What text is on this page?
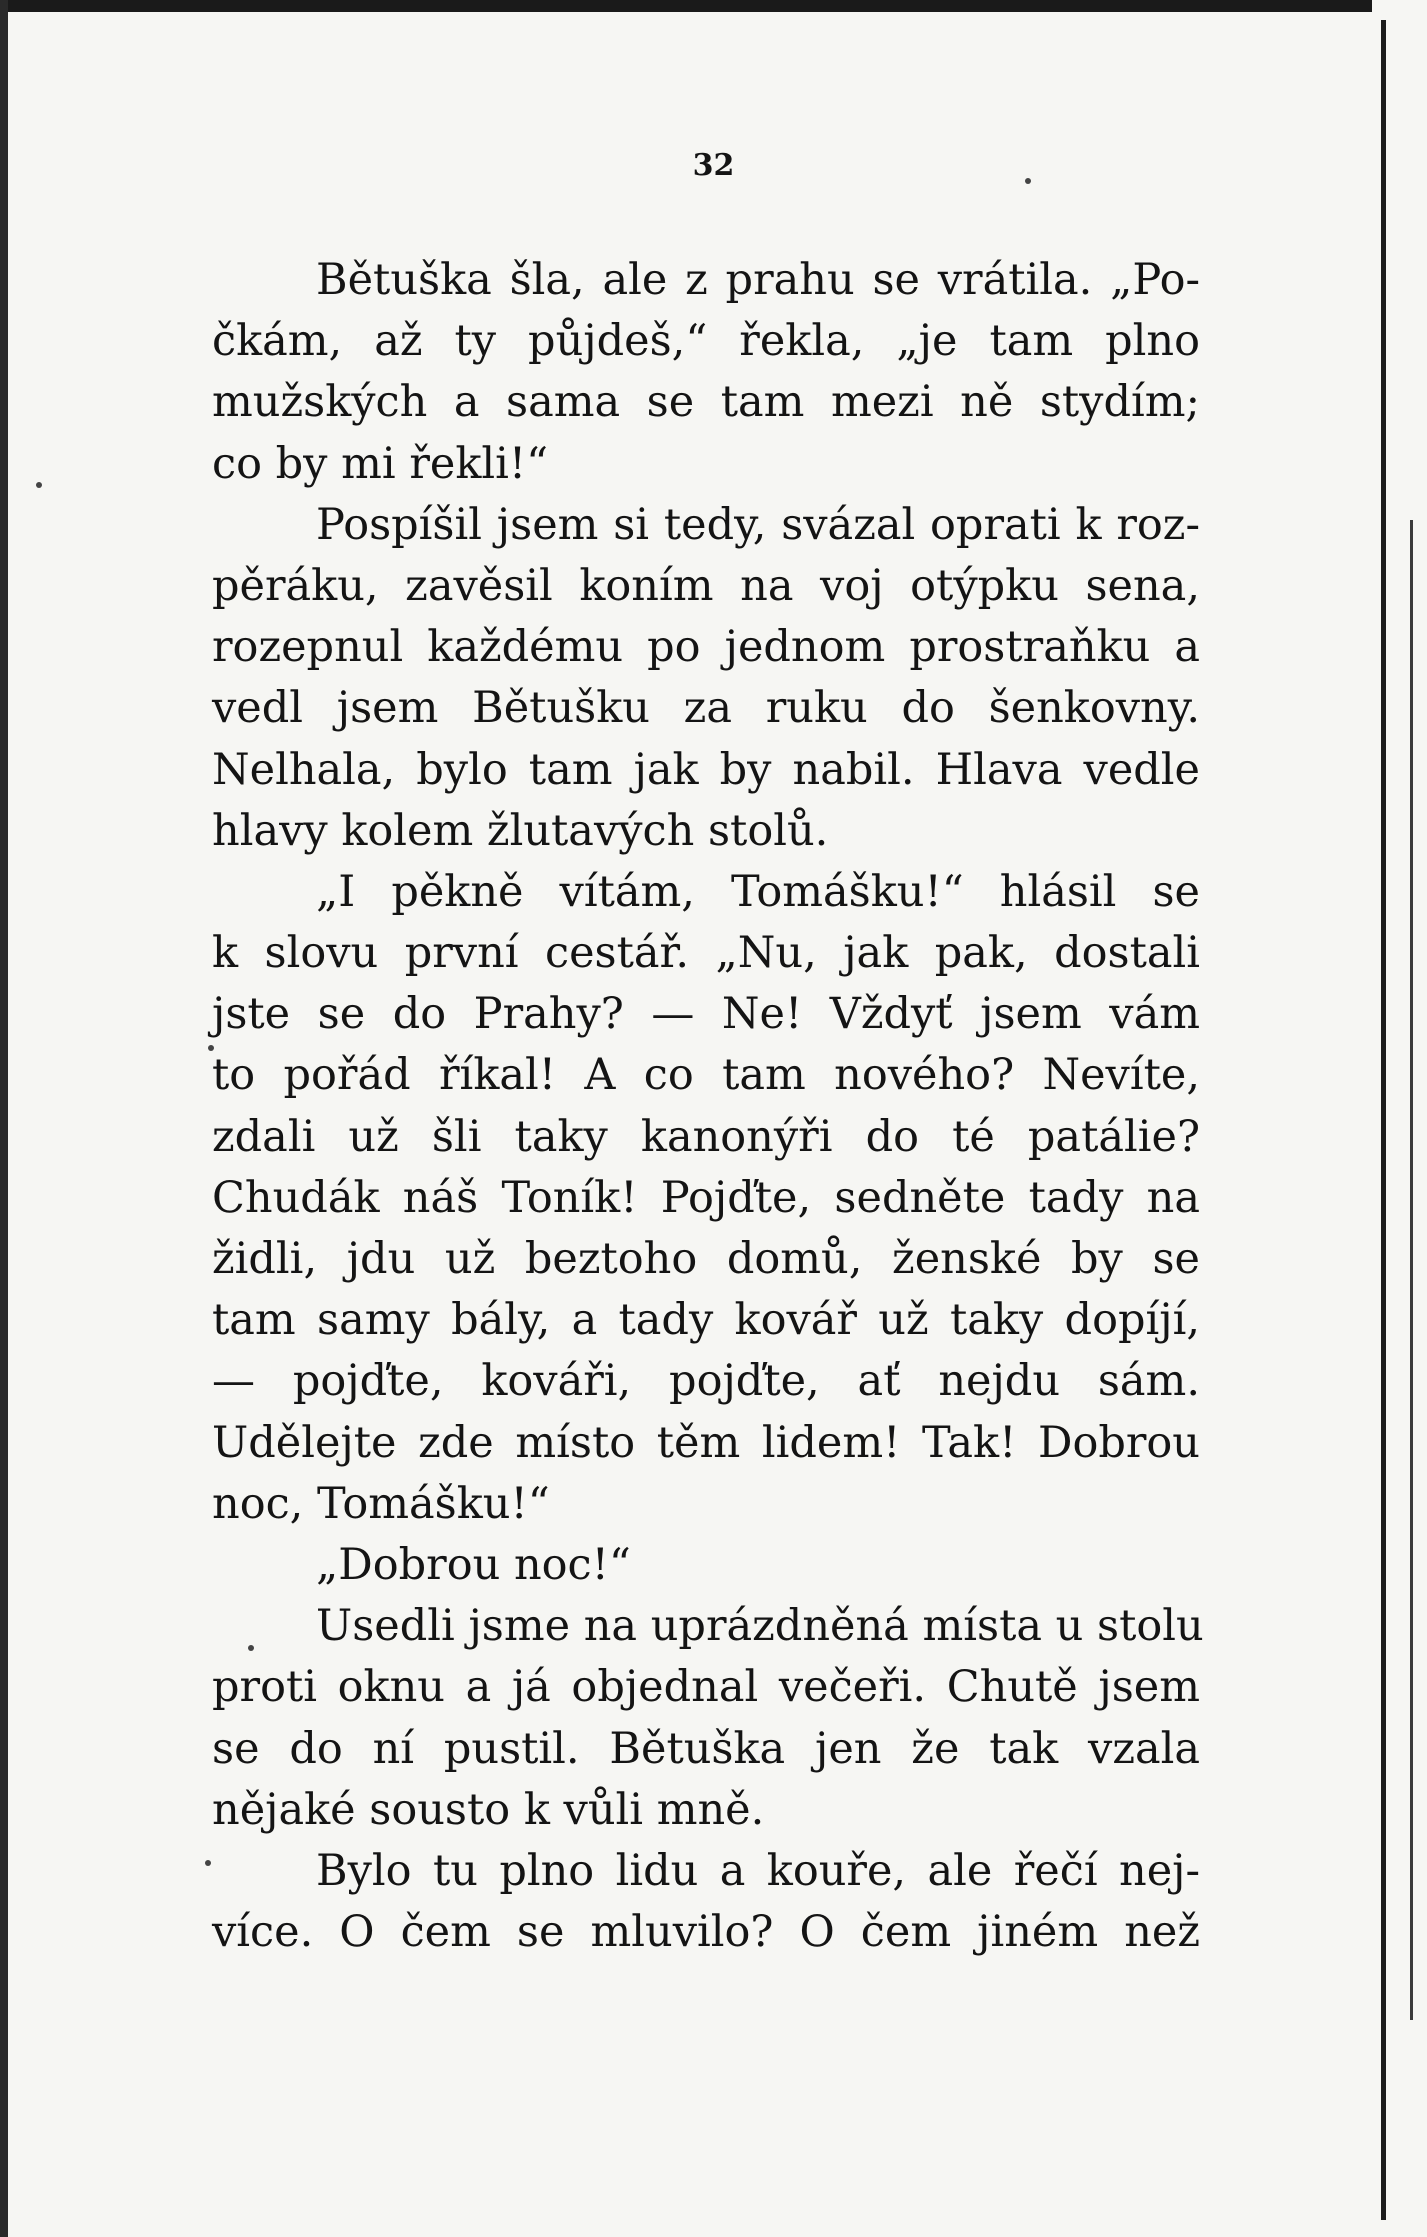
32
Bětuška šla, ale z prahu se vrátila. „Po-
čkám, až ty půjdeš,“ řekla, „je tam plno
mužských a sama se tam mezi ně stydím;
co by mi řekli!“
Pospíšil jsem si tedy, svázal oprati k roz-
pěráku, zavěsil koním na voj otýpku sena,
rozepnul každému po jednom prostraňku a
vedl jsem Bětušku za ruku do šenkovny.
Nelhala, bylo tam jak by nabil. Hlava vedle
hlavy kolem žlutavých stolů.
„I pěkně vítám, Tomášku!“ hlásil se
k slovu první cestář. „Nu, jak pak, dostali
jste se do Prahy? — Ne! Vždyť jsem vám
to pořád říkal! A co tam nového? Nevíte,
zdali už šli taky kanonýři do té patálie?
Chudák náš Toník! Pojďte, sedněte tady na
židli, jdu už beztoho domů, ženské by se
tam samy bály, a tady kovář už taky dopíjí,
— pojďte, kováři, pojďte, ať nejdu sám.
Udělejte zde místo těm lidem! Tak! Dobrou
noc, Tomášku!“
„Dobrou noc!“
Usedli jsme na uprázdněná místa u stolu
proti oknu a já objednal večeři. Chutě jsem
se do ní pustil. Bětuška jen že tak vzala
nějaké sousto k vůli mně.
Bylo tu plno lidu a kouře, ale řečí nej-
více. O čem se mluvilo? O čem jiném než
